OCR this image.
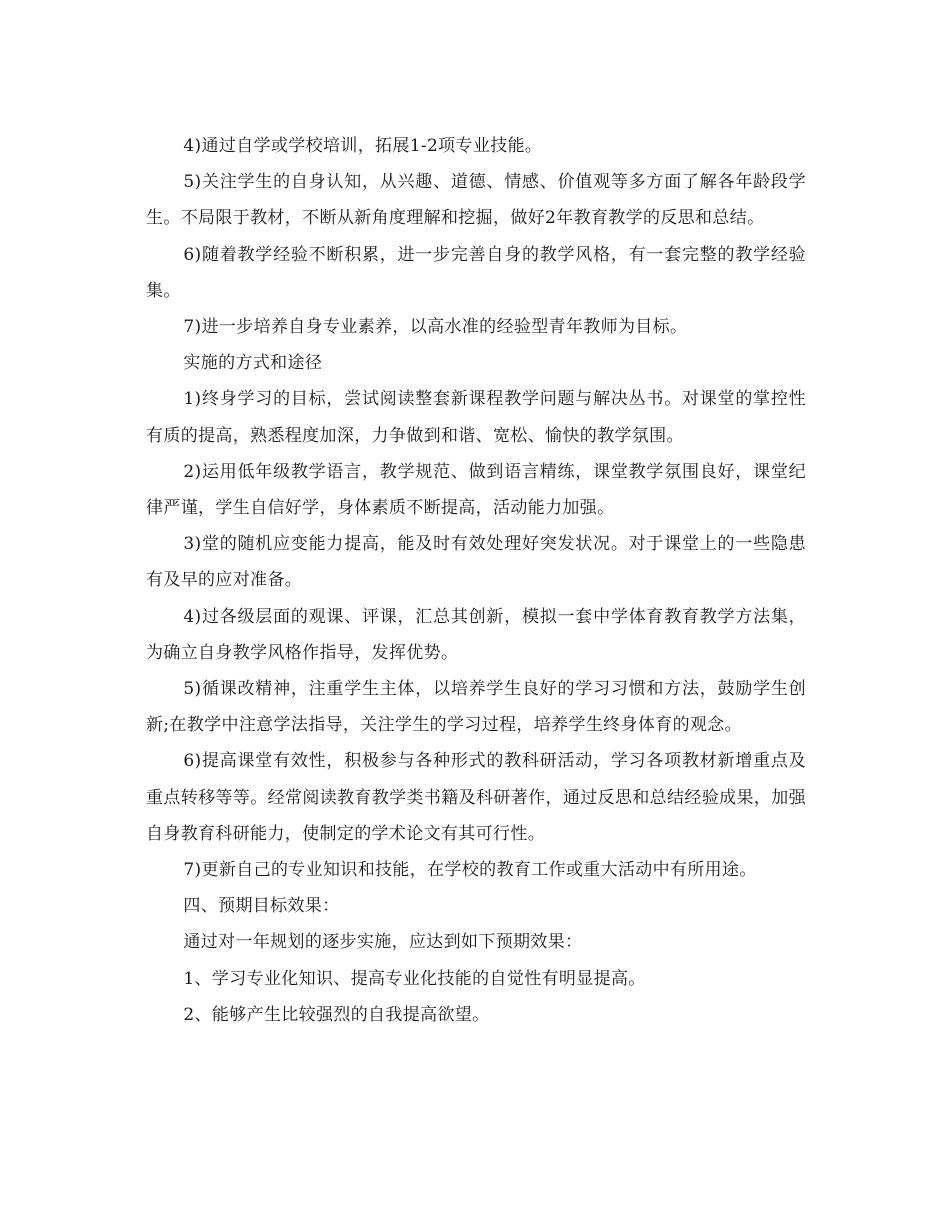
4)通过自学或学校培训，拓展1-2项专业技能。

5)关注学生的自身认知，从兴趣、道德、情感、价值观等多方面了解各年龄段学生。不局限于教材，不断从新角度理解和挖掘，做好2年教育教学的反思和总结。

6)随着教学经验不断积累，进一步完善自身的教学风格，有一套完整的教学经验集。

7)进一步培养自身专业素养，以高水准的经验型青年教师为目标。

实施的方式和途径

1)终身学习的目标，尝试阅读整套新课程教学问题与解决丛书。对课堂的掌控性有质的提高，熟悉程度加深，力争做到和谐、宽松、愉快的教学氛围。

2)运用低年级教学语言，教学规范、做到语言精练，课堂教学氛围良好，课堂纪律严谨，学生自信好学，身体素质不断提高，活动能力加强。

3)堂的随机应变能力提高，能及时有效处理好突发状况。对于课堂上的一些隐患有及早的应对准备。

4)过各级层面的观课、评课，汇总其创新，模拟一套中学体育教育教学方法集，为确立自身教学风格作指导，发挥优势。

5)循课改精神，注重学生主体，以培养学生良好的学习习惯和方法，鼓励学生创新;在教学中注意学法指导，关注学生的学习过程，培养学生终身体育的观念。

6)提高课堂有效性，积极参与各种形式的教科研活动，学习各项教材新增重点及重点转移等等。经常阅读教育教学类书籍及科研著作，通过反思和总结经验成果，加强自身教育科研能力，使制定的学术论文有其可行性。

7)更新自己的专业知识和技能，在学校的教育工作或重大活动中有所用途。

四、预期目标效果：

通过对一年规划的逐步实施，应达到如下预期效果：

1、学习专业化知识、提高专业化技能的自觉性有明显提高。

2、能够产生比较强烈的自我提高欲望。
